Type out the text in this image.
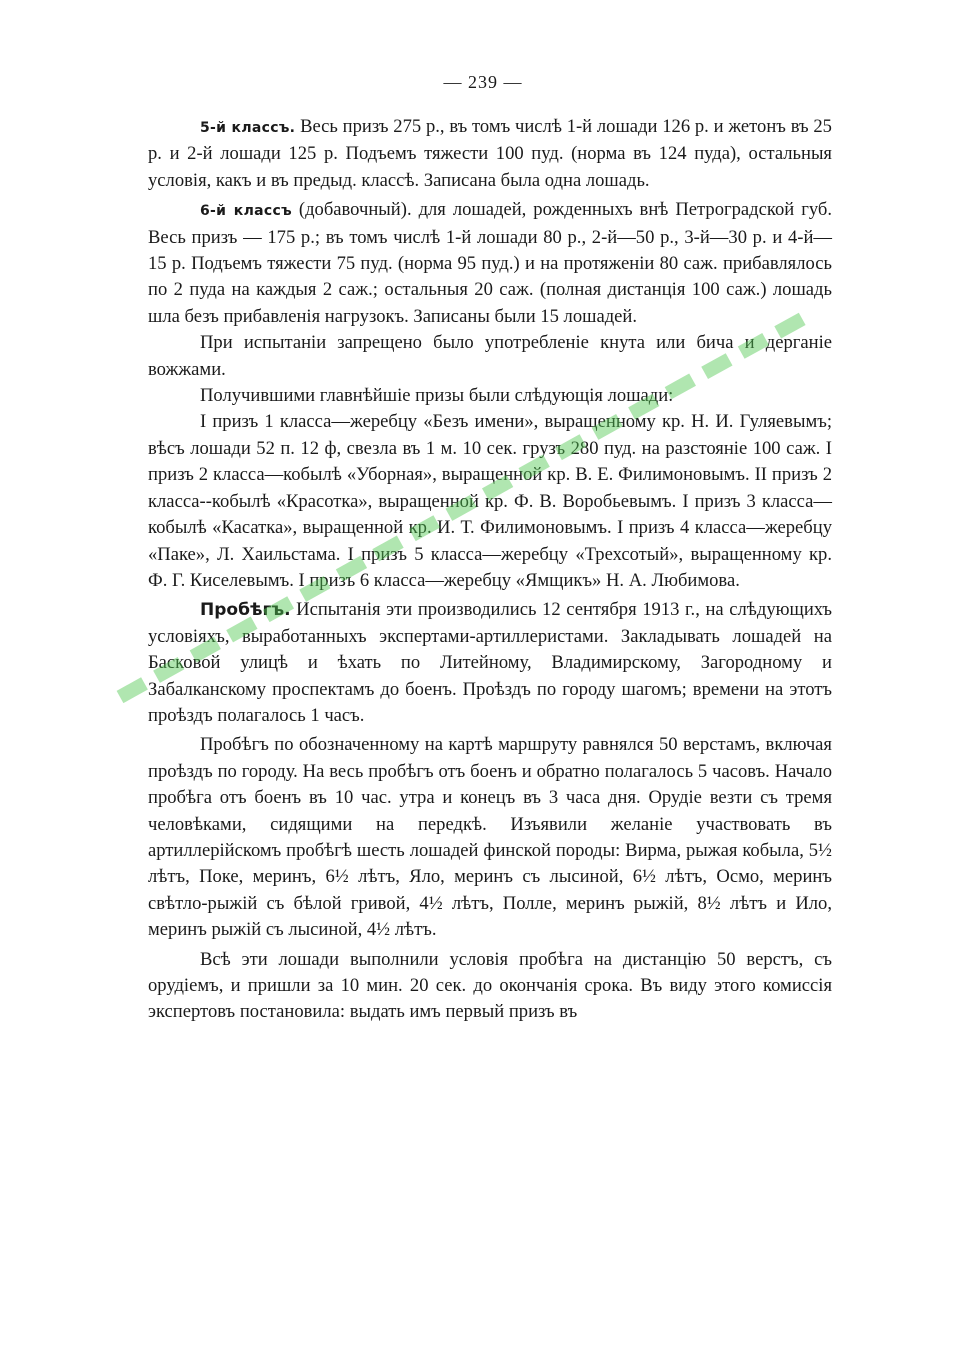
— 239 —

5-й классъ. Весь призъ 275 р., въ томъ числѣ 1-й лошади 126 р. и жетонъ въ 25 р. и 2-й лошади 125 р. Подъемъ тяжести 100 пуд. (норма въ 124 пуда), остальныя условія, какъ и въ предыд. классѣ. Записана была одна лошадь.

6-й классъ (добавочный). для лошадей, рожденныхъ внѣ Петроградской губ. Весь призъ — 175 р.; въ томъ числѣ 1-й лошади 80 р., 2-й—50 р., 3-й—30 р. и 4-й—15 р. Подъемъ тяжести 75 пуд. (норма 95 пуд.) и на протяженіи 80 саж. прибавлялось по 2 пуда на каждыя 2 саж.; остальныя 20 саж. (полная дистанція 100 саж.) лошадь шла безъ прибавленія нагрузокъ. Записаны были 15 лошадей.

При испытаніи запрещено было употребленіе кнута или бича и дерганіе вожжами.

Получившими главнѣйшіе призы были слѣдующія лошади:

I призъ 1 класса—жеребцу «Безъ имени», выращенному кр. Н. И. Гуляевымъ; вѣсъ лошади 52 п. 12 ф, свезла въ 1 м. 10 сек. грузъ 280 пуд. на разстояніе 100 саж. I призъ 2 класса—кобылѣ «Уборная», выращенной кр. В. Е. Филимоновымъ. II призъ 2 класса--кобылѣ «Красотка», выращенной кр. Ф. В. Воробьевымъ. I призъ 3 класса—кобылѣ «Касатка», выращенной кр. И. Т. Филимоновымъ. I призъ 4 класса—жеребцу «Паке», Л. Хаильстама. I призъ 5 класса—жеребцу «Трехсотый», выращенному кр. Ф. Г. Киселевымъ. I призъ 6 класса—жеребцу «Ямщикъ» Н. А. Любимова.

Пробѣгъ. Испытанія эти производились 12 сентября 1913 г., на слѣдующихъ условіяхъ, выработанныхъ экспертами-артиллеристами. Закладывать лошадей на Басковой улицѣ и ѣхать по Литейному, Владимирскому, Загородному и Забалканскому проспектамъ до боенъ. Проѣздъ по городу шагомъ; времени на этотъ проѣздъ полагалось 1 часъ.

Пробѣгъ по обозначенному на картѣ маршруту равнялся 50 верстамъ, включая проѣздъ по городу. На весь пробѣгъ отъ боенъ и обратно полагалось 5 часовъ. Начало пробѣга отъ боенъ въ 10 час. утра и конецъ въ 3 часа дня. Орудіе везти съ тремя человѣками, сидящими на передкѣ. Изъявили желаніе участвовать въ артиллерійскомъ пробѣгѣ шесть лошадей финской породы: Вирма, рыжая кобыла, 5½ лѣтъ, Поке, меринъ, 6½ лѣтъ, Яло, меринъ съ лысиной, 6½ лѣтъ, Осмо, меринъ свѣтло-рыжій съ бѣлой гривой, 4½ лѣтъ, Полле, меринъ рыжій, 8½ лѣтъ и Ило, меринъ рыжій съ лысиной, 4½ лѣтъ.

Всѣ эти лошади выполнили условія пробѣга на дистанцію 50 верстъ, съ орудіемъ, и пришли за 10 мин. 20 сек. до окончанія срока. Въ виду этого комиссія экспертовъ постановила: выдать имъ первый призъ въ
